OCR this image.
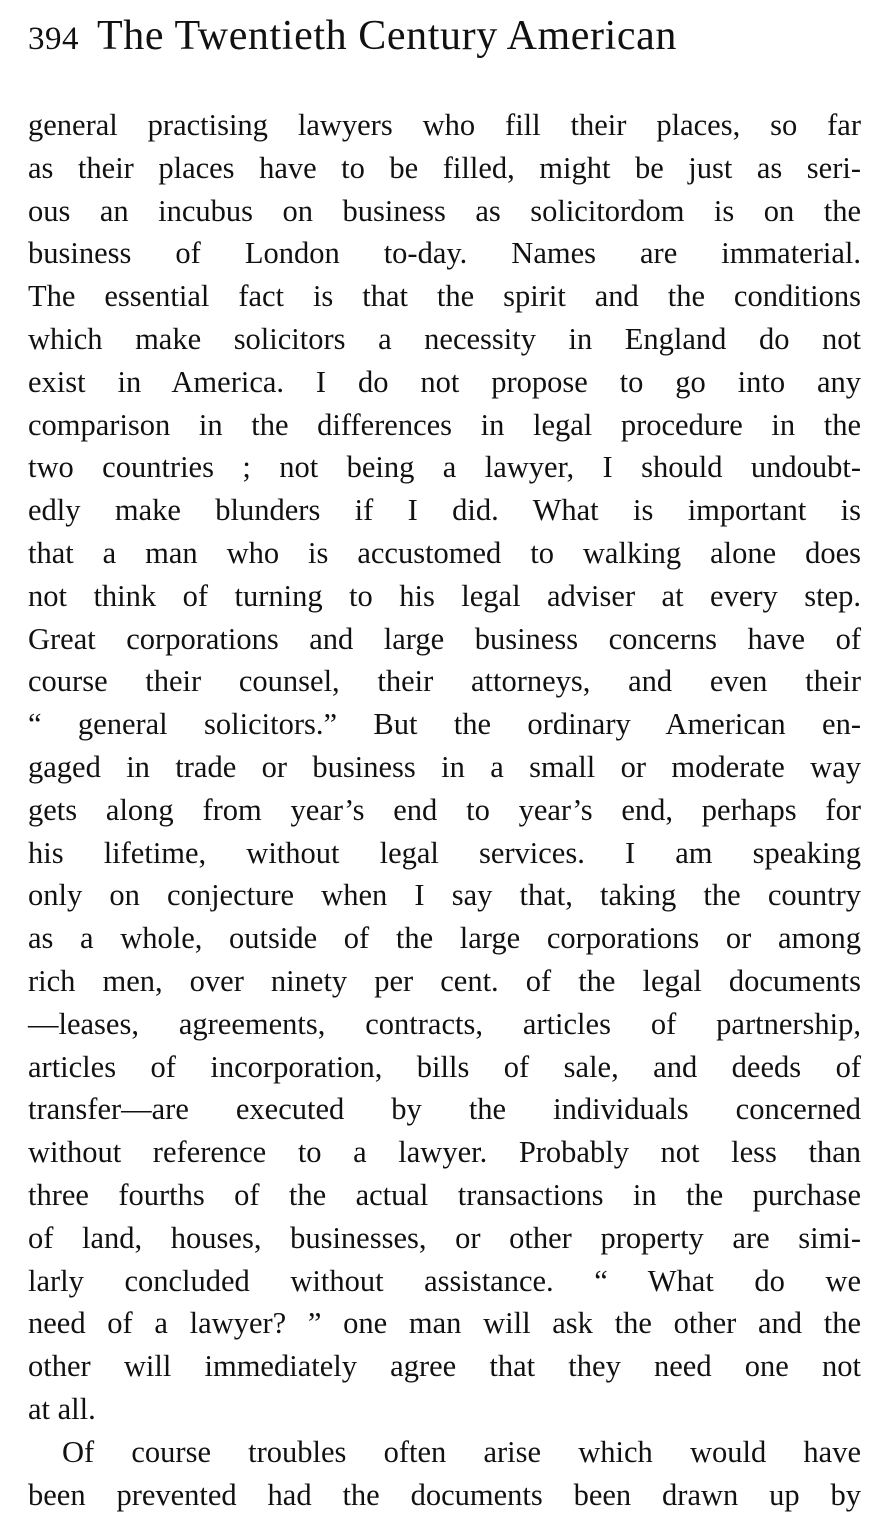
394 The Twentieth Century American
general practising lawyers who fill their places, so far
as their places have to be filled, might be just as seri-
ous an incubus on business as solicitordom is on the
business of London to-day. Names are immaterial.
The essential fact is that the spirit and the conditions
which make solicitors a necessity in England do not
exist in America. I do not propose to go into any
comparison in the differences in legal procedure in the
two countries ; not being a lawyer, I should undoubt-
edly make blunders if I did. What is important is
that a man who is accustomed to walking alone does
not think of turning to his legal adviser at every step.
Great corporations and large business concerns have of
course their counsel, their attorneys, and even their
“ general solicitors.” But the ordinary American en-
gaged in trade or business in a small or moderate way
gets along from year’s end to year’s end, perhaps for
his lifetime, without legal services. I am speaking
only on conjecture when I say that, taking the country
as a whole, outside of the large corporations or among
rich men, over ninety per cent. of the legal documents
—leases, agreements, contracts, articles of partnership,
articles of incorporation, bills of sale, and deeds of
transfer—are executed by the individuals concerned
without reference to a lawyer. Probably not less than
three fourths of the actual transactions in the purchase
of land, houses, businesses, or other property are simi-
larly concluded without assistance. “ What do we
need of a lawyer? ” one man will ask the other and the
other will immediately agree that they need one not
at all.
Of course troubles often arise which would have
been prevented had the documents been drawn up by
